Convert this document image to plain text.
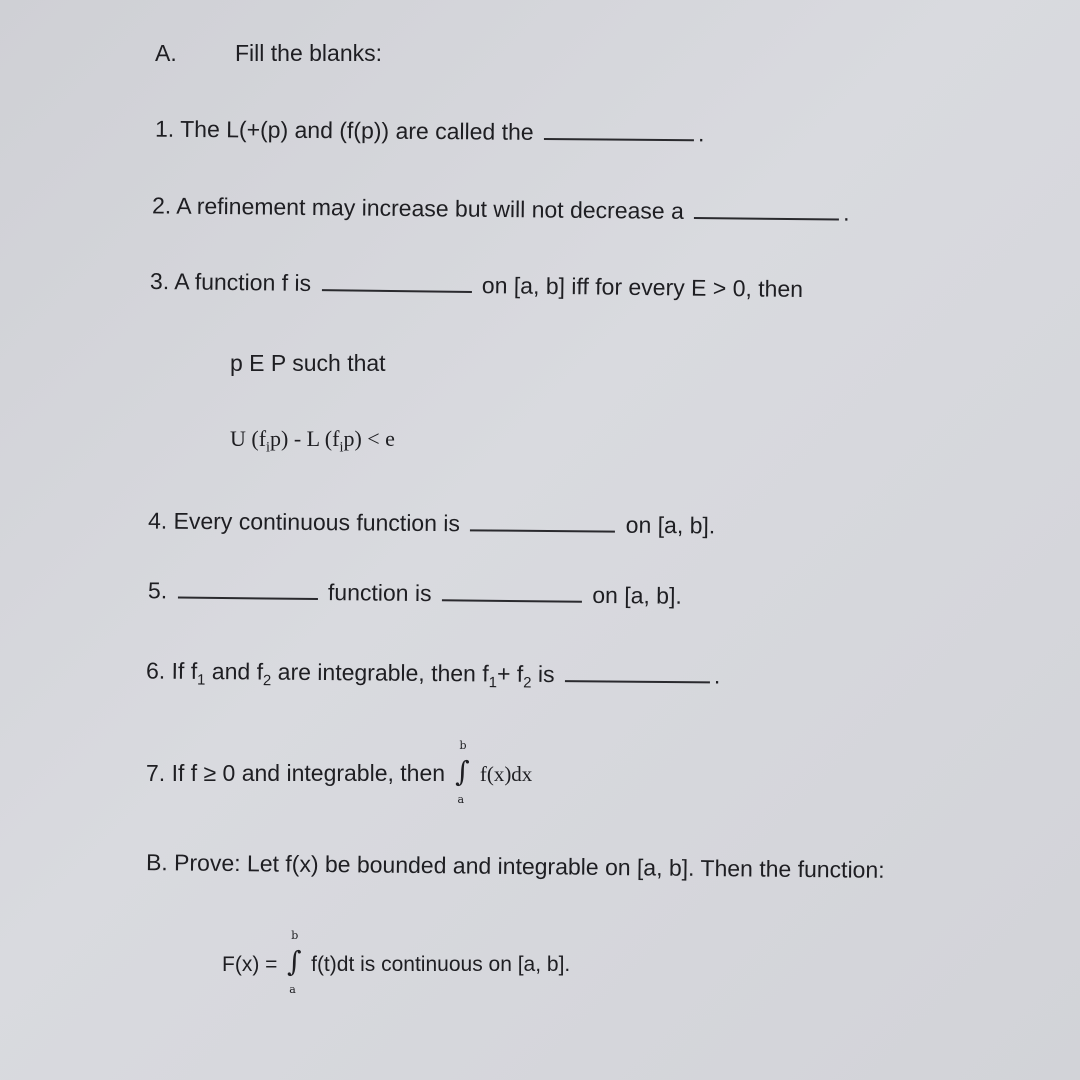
A.	Fill the blanks:
1. The L(+(p) and (f(p)) are called the	.
2. A refinement may increase but will not decrease a	.
3. A function f is	on [a, b] iff for every E > 0, then
p E P such that
U $(f_ip)$ - L $(f_ip) < e$
4. Every continuous function is	on [a, b].
5.	function is	on [a, b].
6. If $f_1$ and $f_2$ are integrable, then $f_1+ f_2$ is	.
7. If f ≥ 0 and integrable, then ∫
b
a
f(x)dx
B. Prove: Let f(x) be bounded and integrable on [a, b]. Then the function:
F(x) = ∫
b
a
f(t)dt is continuous on [a, b].
